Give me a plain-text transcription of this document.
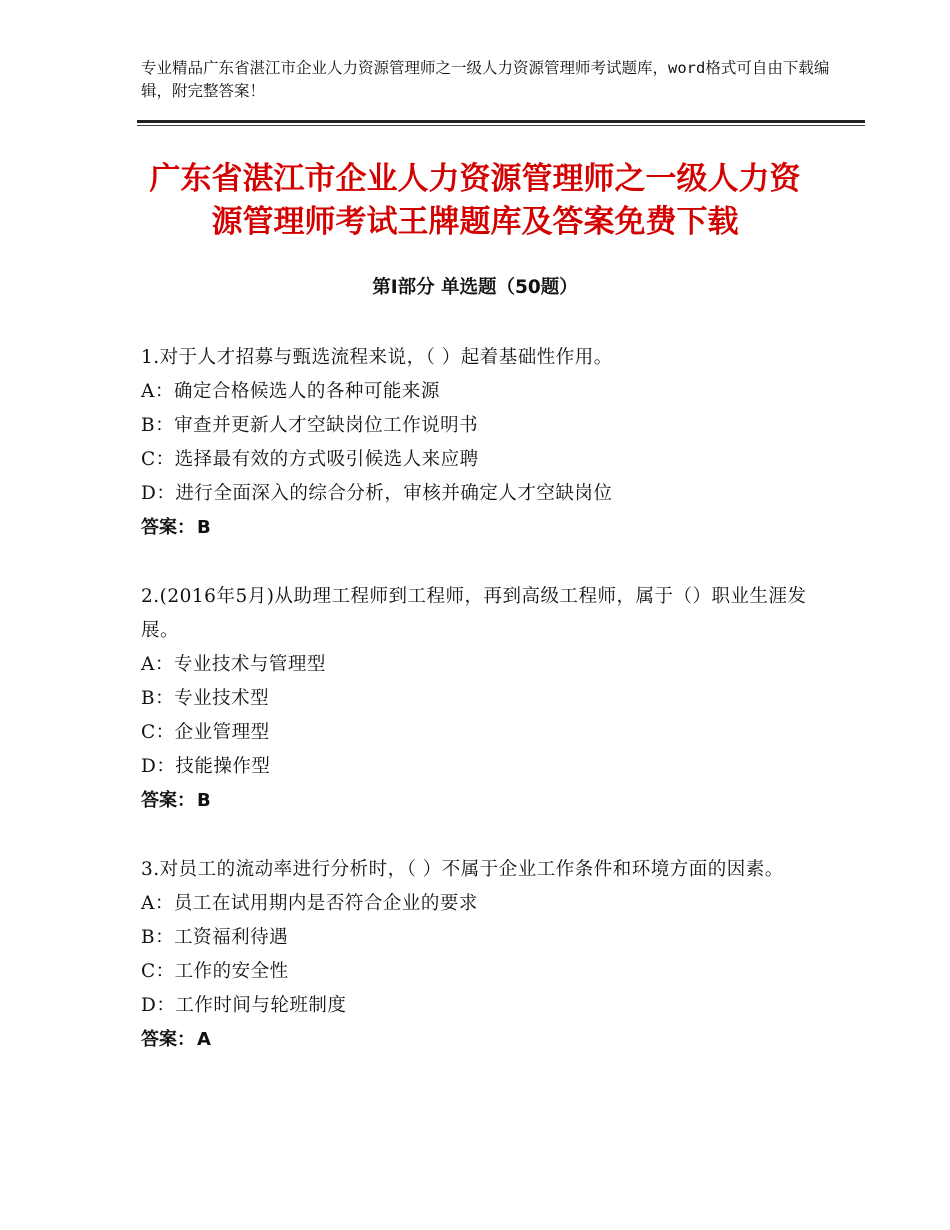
专业精品广东省湛江市企业人力资源管理师之一级人力资源管理师考试题库，word格式可自由下载编辑，附完整答案！
广东省湛江市企业人力资源管理师之一级人力资源管理师考试王牌题库及答案免费下载
第Ⅰ部分 单选题（50题）

1.对于人才招募与甄选流程来说，（ ）起着基础性作用。

A：确定合格候选人的各种可能来源

B：审查并更新人才空缺岗位工作说明书

C：选择最有效的方式吸引候选人来应聘

D：进行全面深入的综合分析，审核并确定人才空缺岗位

答案： B

2.(2016年5月)从助理工程师到工程师，再到高级工程师，属于（）职业生涯发展。

A：专业技术与管理型

B：专业技术型

C：企业管理型

D：技能操作型

答案： B

3.对员工的流动率进行分析时，（ ）不属于企业工作条件和环境方面的因素。

A：员工在试用期内是否符合企业的要求

B：工资福利待遇

C：工作的安全性

D：工作时间与轮班制度

答案： A
